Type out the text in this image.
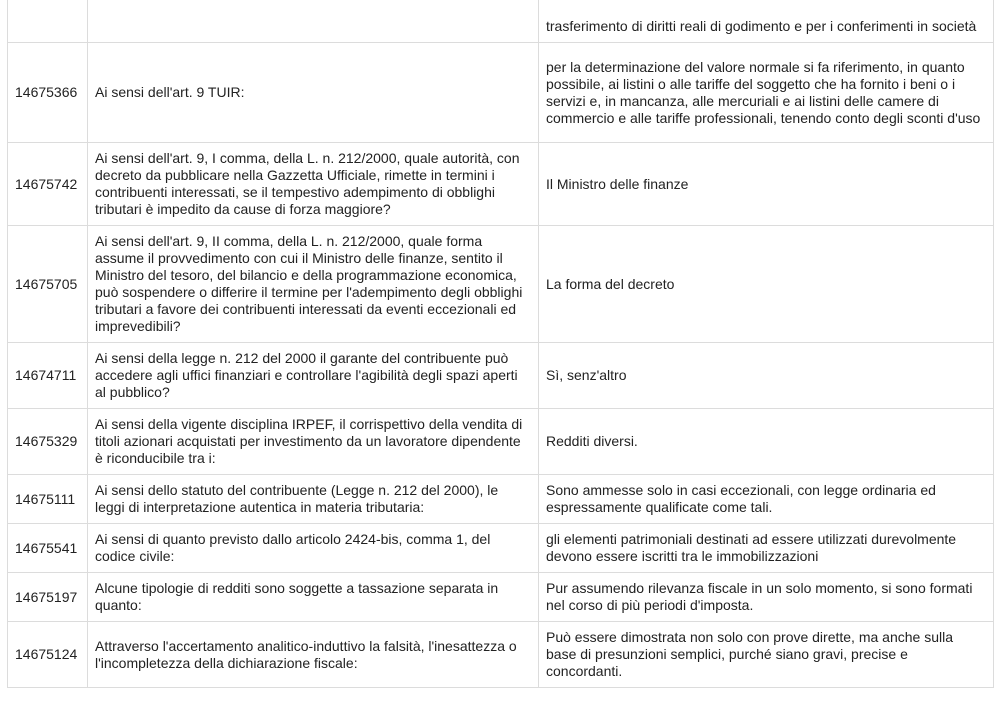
		trasferimento di diritti reali di godimento e per i conferimenti in società
14675366	Ai sensi dell'art. 9 TUIR:	per la determinazione del valore normale si fa riferimento, in quanto possibile, ai listini o alle tariffe del soggetto che ha fornito i beni o i servizi e, in mancanza, alle mercuriali e ai listini delle camere di commercio e alle tariffe professionali, tenendo conto degli sconti d'uso
14675742	Ai sensi dell'art. 9, I comma, della L. n. 212/2000, quale autorità, con decreto da pubblicare nella Gazzetta Ufficiale, rimette in termini i contribuenti interessati, se il tempestivo adempimento di obblighi tributari è impedito da cause di forza maggiore?	Il Ministro delle finanze
14675705	Ai sensi dell'art. 9, II comma, della L. n. 212/2000, quale forma assume il provvedimento con cui il Ministro delle finanze, sentito il Ministro del tesoro, del bilancio e della programmazione economica, può sospendere o differire il termine per l'adempimento degli obblighi tributari a favore dei contribuenti interessati da eventi eccezionali ed imprevedibili?	La forma del decreto
14674711	Ai sensi della legge n. 212 del 2000 il garante del contribuente può accedere agli uffici finanziari e controllare l'agibilità degli spazi aperti al pubblico?	Sì, senz'altro
14675329	Ai sensi della vigente disciplina IRPEF, il corrispettivo della vendita di titoli azionari acquistati per investimento da un lavoratore dipendente è riconducibile tra i:	Redditi diversi.
14675111	Ai sensi dello statuto del contribuente (Legge n. 212 del 2000), le leggi di interpretazione autentica in materia tributaria:	Sono ammesse solo in casi eccezionali, con legge ordinaria ed espressamente qualificate come tali.
14675541	Ai sensi di quanto previsto dallo articolo 2424-bis, comma 1, del codice civile:	gli elementi patrimoniali destinati ad essere utilizzati durevolmente devono essere iscritti tra le immobilizzazioni
14675197	Alcune tipologie di redditi sono soggette a tassazione separata in quanto:	Pur assumendo rilevanza fiscale in un solo momento, si sono formati nel corso di più periodi d'imposta.
14675124	Attraverso l'accertamento analitico-induttivo la falsità, l'inesattezza o l'incompletezza della dichiarazione fiscale:	Può essere dimostrata non solo con prove dirette, ma anche sulla base di presunzioni semplici, purché siano gravi, precise e concordanti.
